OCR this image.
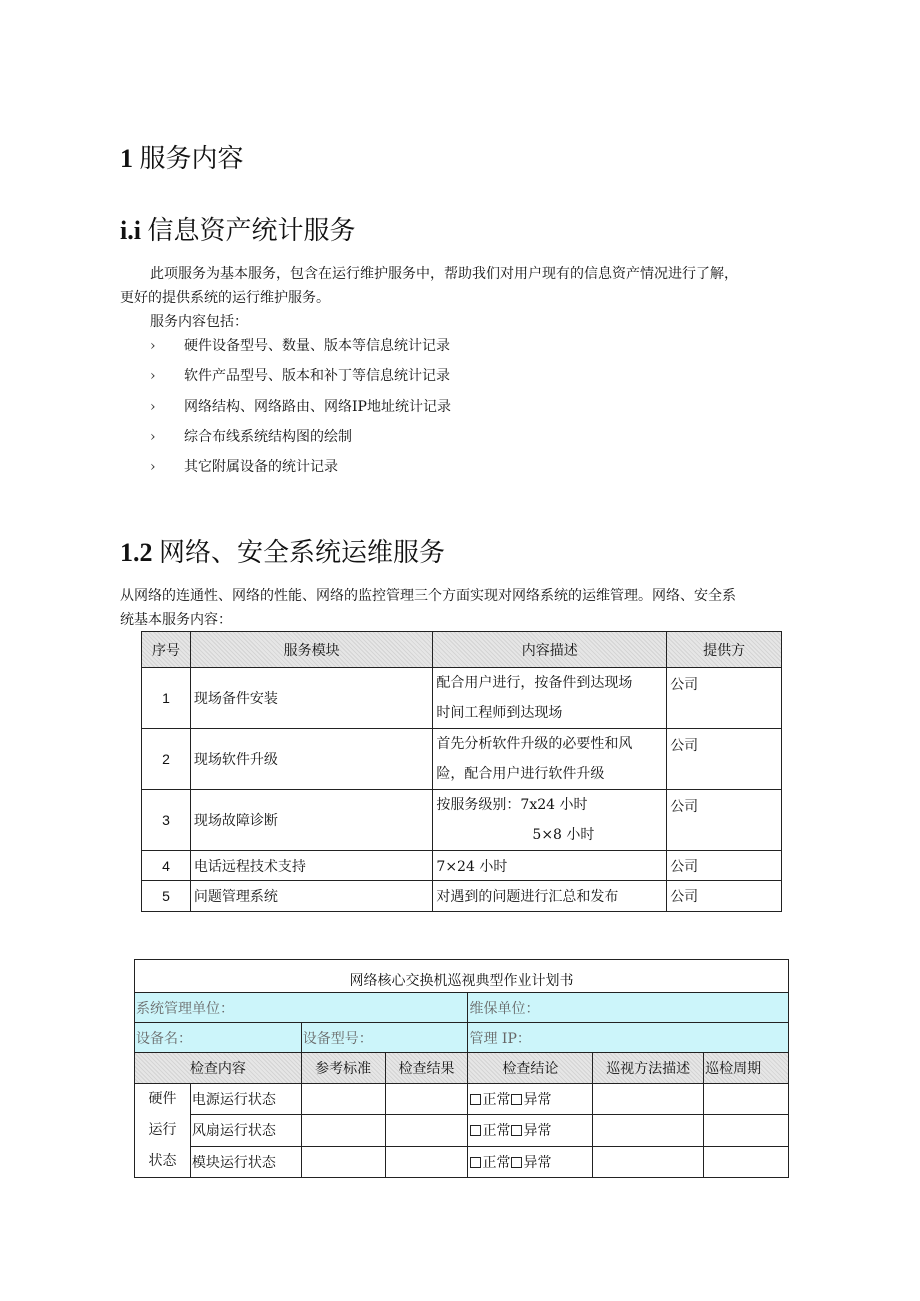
1 服务内容
i.i 信息资产统计服务
此项服务为基本服务，包含在运行维护服务中，帮助我们对用户现有的信息资产情况进行了解，
更好的提供系统的运行维护服务。
服务内容包括：
› 硬件设备型号、数量、版本等信息统计记录
› 软件产品型号、版本和补丁等信息统计记录
› 网络结构、网络路由、网络IP地址统计记录
› 综合布线系统结构图的绘制
› 其它附属设备的统计记录
1.2 网络、安全系统运维服务
从网络的连通性、网络的性能、网络的监控管理三个方面实现对网络系统的运维管理。网络、安全系
统基本服务内容：
序号	服务模块	内容描述	提供方
1	现场备件安装	配合用户进行，按备件到达现场
时间工程师到达现场	公司
2	现场软件升级	首先分析软件升级的必要性和风
险，配合用户进行软件升级	公司
3	现场故障诊断	按服务级别：7x24 小时
5×8 小时	公司
4	电话远程技术支持	7×24 小时	公司
5	问题管理系统	对遇到的问题进行汇总和发布	公司
网络核心交换机巡视典型作业计划书						
系统管理单位：				维保单位：		
设备名：		设备型号：		管理 IP：		
检查内容		参考标准	检查结果	检查结论	巡视方法描述	巡检周期

硬件
运行
状态	电源运行状态			正常 异常		
	风扇运行状态			正常 异常		
	模块运行状态			正常 异常		
